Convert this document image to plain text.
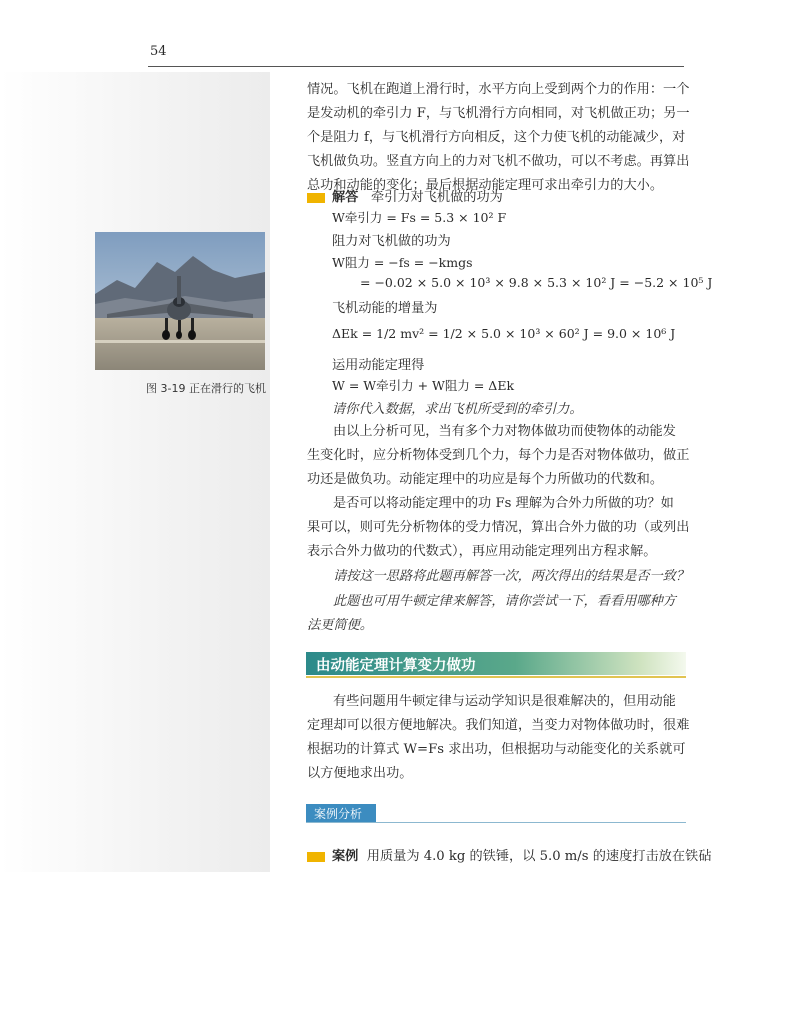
54
情况。飞机在跑道上滑行时，水平方向上受到两个力的作用：一个
是发动机的牵引力 F，与飞机滑行方向相同，对飞机做正功；另一
个是阻力 f，与飞机滑行方向相反，这个力使飞机的动能减少，对
飞机做负功。竖直方向上的力对飞机不做功，可以不考虑。再算出
总功和动能的变化；最后根据动能定理可求出牵引力的大小。
解答 牵引力对飞机做的功为
W牵引力 = Fs = 5.3 × 10² F
阻力对飞机做的功为
W阻力 = −fs = −kmgs
= −0.02 × 5.0 × 10³ × 9.8 × 5.3 × 10² J = −5.2 × 10⁵ J
飞机动能的增量为
ΔEk = 1/2 mv² = 1/2 × 5.0 × 10³ × 60² J = 9.0 × 10⁶ J
运用动能定理得
W = W牵引力 + W阻力 = ΔEk
请你代入数据，求出飞机所受到的牵引力。
由以上分析可见，当有多个力对物体做功而使物体的动能发
生变化时，应分析物体受到几个力，每个力是否对物体做功，做正
功还是做负功。动能定理中的功应是每个力所做功的代数和。
是否可以将动能定理中的功 Fs 理解为合外力所做的功？如
果可以，则可先分析物体的受力情况，算出合外力做的功（或列出
表示合外力做功的代数式），再应用动能定理列出方程求解。
请按这一思路将此题再解答一次，两次得出的结果是否一致？
此题也可用牛顿定律来解答，请你尝试一下，看看用哪种方
法更简便。
图 3-19 正在滑行的飞机
由动能定理计算变力做功
有些问题用牛顿定律与运动学知识是很难解决的，但用动能
定理却可以很方便地解决。我们知道，当变力对物体做功时，很难
根据功的计算式 W=Fs 求出功，但根据功与动能变化的关系就可
以方便地求出功。
案例分析
案例 用质量为 4.0 kg 的铁锤，以 5.0 m/s 的速度打击放在铁砧
